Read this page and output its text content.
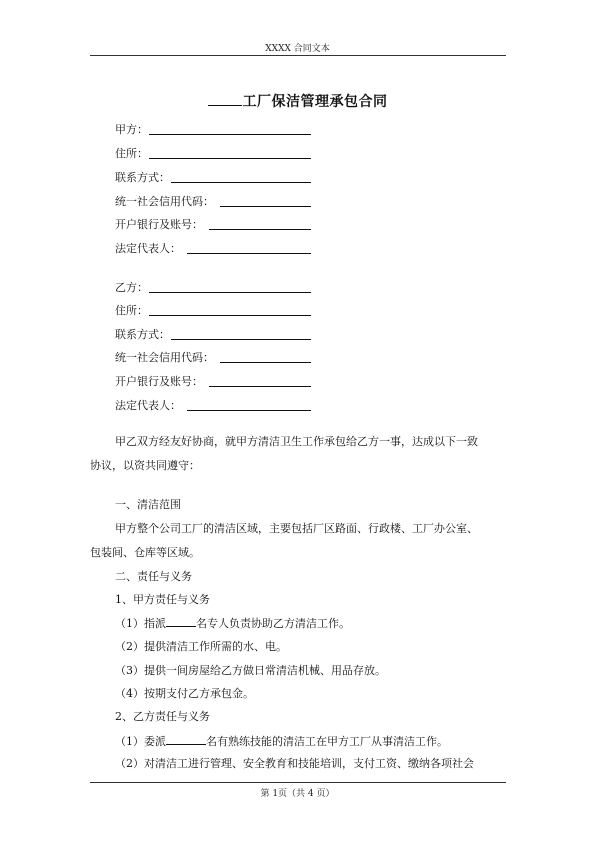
XXXX 合同文本
工厂保洁管理承包合同
甲方：
住所：
联系方式：
统一社会信用代码：
开户银行及账号：
法定代表人：
乙方：
住所：
联系方式：
统一社会信用代码：
开户银行及账号：
法定代表人：
甲乙双方经友好协商，就甲方清洁卫生工作承包给乙方一事，达成以下一致
协议，以资共同遵守：
一、清洁范围
甲方整个公司工厂的清洁区域，主要包括厂区路面、行政楼、工厂办公室、
包装间、仓库等区域。
二、责任与义务
1、甲方责任与义务
（1）指派	名专人负责协助乙方清洁工作。
（2）提供清洁工作所需的水、电。
（3）提供一间房屋给乙方做日常清洁机械、用品存放。
（4）按期支付乙方承包金。
2、乙方责任与义务
（1）委派	名有熟练技能的清洁工在甲方工厂从事清洁工作。
（2）对清洁工进行管理、安全教育和技能培训，支付工资、缴纳各项社会
第 1页（共 4 页）
